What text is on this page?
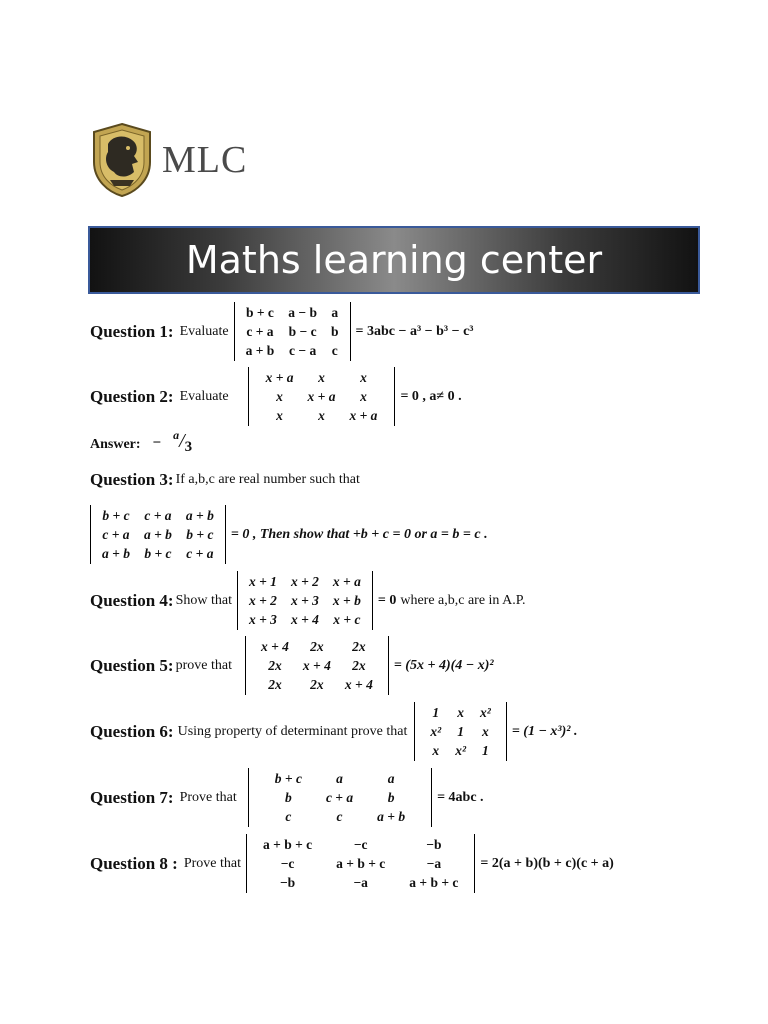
MLC
Maths learning center
Question 1: Evaluate
b + c	a − b	a
c + a	b − c	b
a + b	c − a	c
= 3abc − a³ − b³ − c³
Question 2: Evaluate
x + a	x	x
x	x + a	x
x	x	x + a
= 0 , a≠ 0 .
Answer: − $^a$/3
Question 3: If a,b,c are real number such that
b + c	c + a	a + b
c + a	a + b	b + c
a + b	b + c	c + a
= 0 , Then show that +b + c = 0 or a = b = c .
Question 4: Show that
x + 1	x + 2	x + a
x + 2	x + 3	x + b
x + 3	x + 4	x + c
= 0 where a,b,c are in A.P.
Question 5: prove that
x + 4	2x	2x
2x	x + 4	2x
2x	2x	x + 4
= (5x + 4)(4 − x)²
Question 6: Using property of determinant prove that
1	x	x²
x²	1	x
x	x²	1
= (1 − x³)² .
Question 7: Prove that
b + c	a	a
b	c + a	b
c	c	a + b
= 4abc .
Question 8 : Prove that
a + b + c	−c	−b
−c	a + b + c	−a
−b	−a	a + b + c
= 2(a + b)(b + c)(c + a)
